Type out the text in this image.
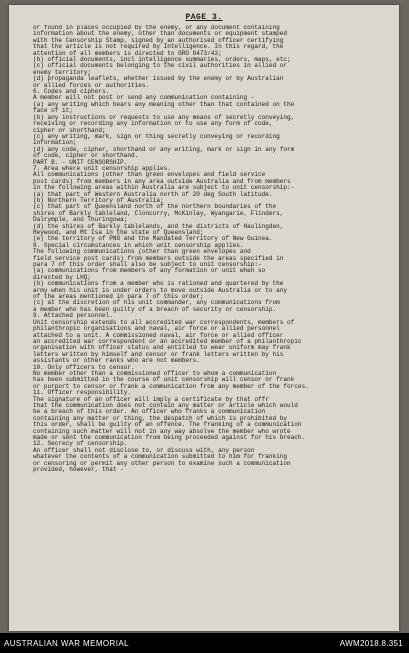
PAGE 3.
or found in places occupied by the enemy, or any document containing
information about the enemy, other than documents or equipment stamped
with the Censorship Stamp, signed by an authorised officer certifying
that the article is not required by Intelligence. In this regard, the
attention of all members is directed to GRO G473/43;
(b) official documents, incl intelligence summaries, orders, maps, etc;
(c) official documents belonging to the civil authorities in allied or
enemy territory;
(d) propaganda leaflets, whether issued by the enemy or by Australian
or allied forces or authorities.
6. Codes and ciphers.
A member will not post or send any communication containing -
(a) any writing which bears any meaning other than that contained on the
face of it;
(b) any instructions or requests to use any means of secretly conveying,
receiving or recording any information or to use any form of code,
cipher or shorthand;
(c) any writing, mark, sign or thing secretly conveying or recording
information;
(d) any code, cipher, shorthand or any writing, mark or sign in any form
of code, cipher or shorthand.
PART B. - UNIT CENSORSHIP.
7. Area where unit censorship applies.
All communications (other than green envelopes and field service
post cards) from members in any area outside Australia and from members
in the following areas within Australia are subject to unit censorship:-
(a) that part of Western Australia north of 20 deg South latitude.
(b) Northern Territory of Australia;
(c) that part of Queensland north of the northern boundaries of the
shires of Barkly tableland, Cloncurry, McKinlay, Wyangarie, Flinders,
Dalrymple, and Thuringowa;
(d) the shires of Barkly tablelands, and the districts of Haslingden,
Heywood, and Mt Isa in the state of Queensland;
(e) the territory of PNG and the Mandated Territory of New Guinea.
8. Special circumstances in which unit censorship applies.
The following communications (other than green envelopes and
field service post cards) from members outside the areas specified in
para 7 of this order shall also be subject to unit censorship:-
(a) communications from members of any formation or unit when so
directed by LHQ;
(b) communications from a member who is rationed and quartered by the
army when his unit is under orders to move outside Australia or to any
of the areas mentioned in para 7 of this order;
(c) at the discretion of his unit commander, any communications from
a member who has been guilty of a breach of security or censorship.
9. Attached personnel.
Unit censorship extends to all accredited war correspondents, members of
philanthropic organisations and naval, air force or allied personnel
attached to a unit. A commissioned naval, air force or allied officer
an accredited war correspondent or an accredited member of a philanthropic
organisation with officer status and entitled to wear uniform may frank
letters written by himself and censor or frank letters written by his
assistants or other ranks who are not members.
10. Only officers to censor.
No member other than a commissioned officer to whom a communication
has been submitted in the course of unit censorship will censor or frank
or purport to censor or frank a communication from any member of the forces.
11. Officer responsibility.
The signature of an officer will imply a certificate by that offr
that the communication does not contain any matter or article which would
be a breach of this order. An officer who franks a communication
containing any matter or thing, the despatch of which is prohibited by
this order, shall be guilty of an offence. The franking of a communication
containing such matter will not in any way absolve the member who wrote
made or sent the communication from being proceeded against for his breach.
12. Secrecy of censorship.
An officer shall not disclose to, or discuss with, any person
whatever the contents of a communication submitted to him for franking
or censoring or permit any other person to examine such a communication
provided, however, that -
AUSTRALIAN WAR MEMORIAL	AWM2018.8.351
